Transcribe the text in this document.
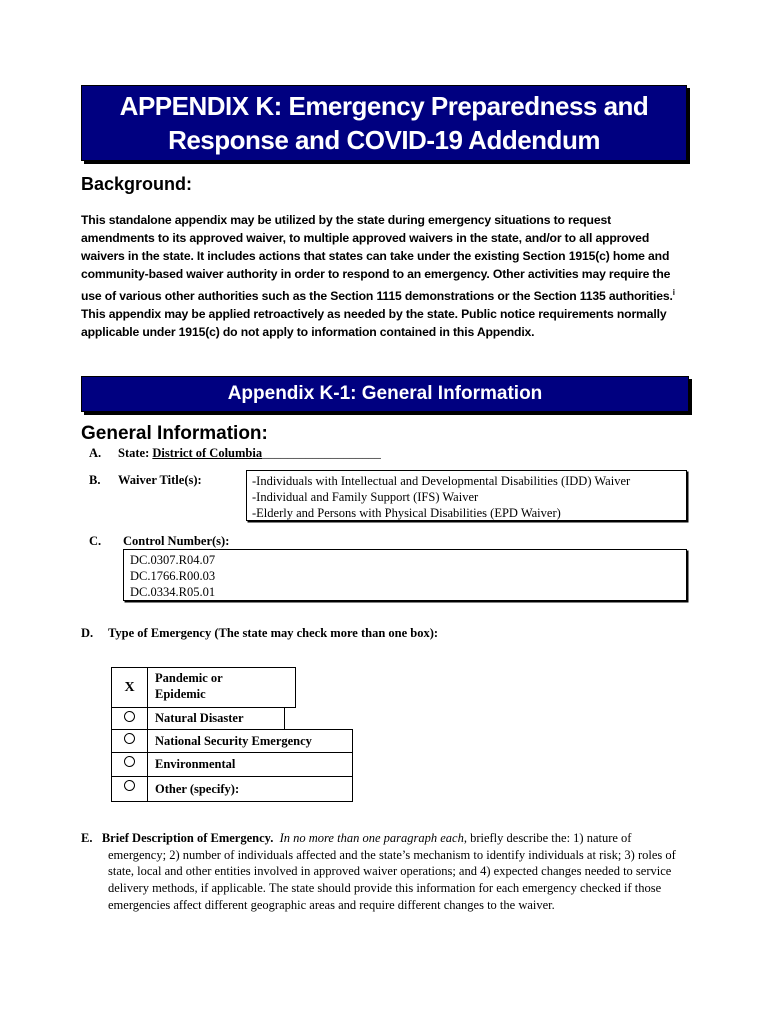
APPENDIX K: Emergency Preparedness and
Response and COVID-19 Addendum
Background:
This standalone appendix may be utilized by the state during emergency situations to request amendments to its approved waiver, to multiple approved waivers in the state, and/or to all approved waivers in the state. It includes actions that states can take under the existing Section 1915(c) home and community-based waiver authority in order to respond to an emergency. Other activities may require the use of various other authorities such as the Section 1115 demonstrations or the Section 1135 authorities.$^i$ This appendix may be applied retroactively as needed by the state. Public notice requirements normally applicable under 1915(c) do not apply to information contained in this Appendix.
Appendix K-1: General Information
General Information:
A. State: District of Columbia___________________
B. Waiver Title(s):	-Individuals with Intellectual and Developmental Disabilities (IDD) Waiver
-Individual and Family Support (IFS) Waiver
-Elderly and Persons with Physical Disabilities (EPD Waiver)
C. Control Number(s):
DC.0307.R04.07
DC.1766.R00.03
DC.0334.R05.01
D. Type of Emergency (The state may check more than one box):
X
Pandemic or
Epidemic
Natural Disaster
National Security Emergency
Environmental
Other (specify):
E. Brief Description of Emergency. In no more than one paragraph each, briefly describe the: 1) nature of emergency; 2) number of individuals affected and the state’s mechanism to identify individuals at risk; 3) roles of state, local and other entities involved in approved waiver operations; and 4) expected changes needed to service delivery methods, if applicable. The state should provide this information for each emergency checked if those emergencies affect different geographic areas and require different changes to the waiver.
